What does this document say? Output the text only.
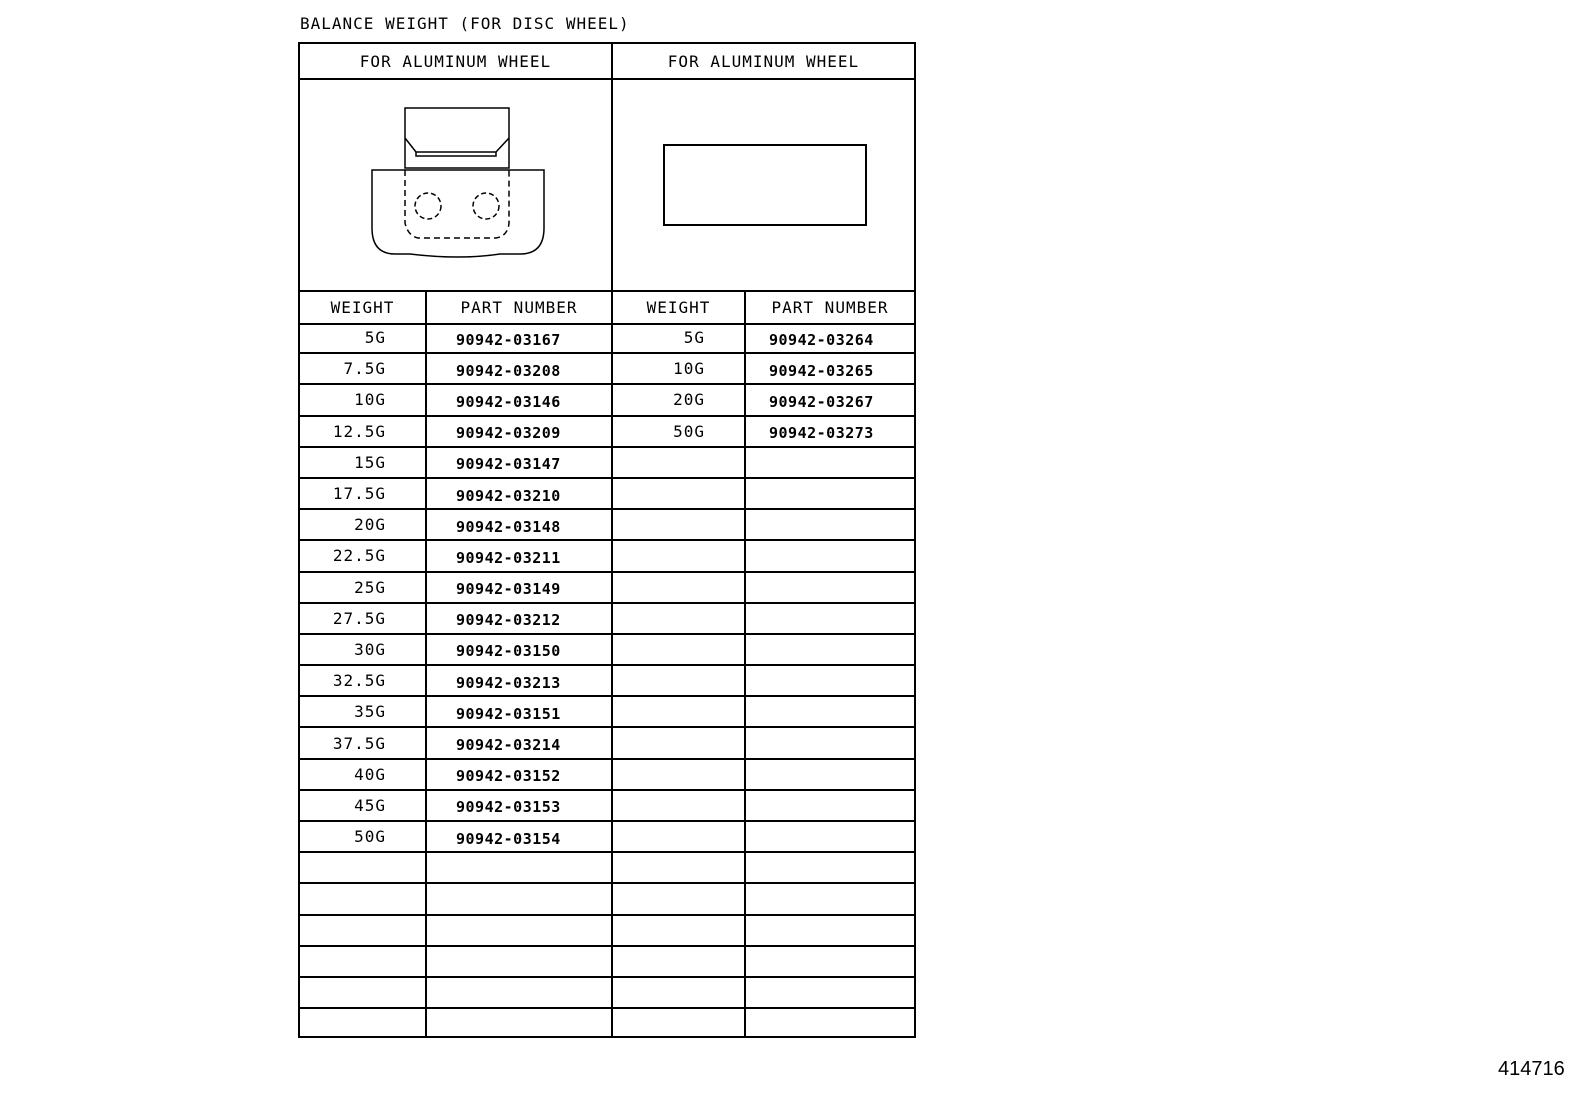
BALANCE WEIGHT (FOR DISC WHEEL)
FOR ALUMINUM WHEEL	FOR ALUMINUM WHEEL
WEIGHT	PART NUMBER	WEIGHT	PART NUMBER
5G	90942-03167	5G	90942-03264
7.5G	90942-03208	10G	90942-03265
10G	90942-03146	20G	90942-03267
12.5G	90942-03209	50G	90942-03273
15G	90942-03147
17.5G	90942-03210
20G	90942-03148
22.5G	90942-03211
25G	90942-03149
27.5G	90942-03212
30G	90942-03150
32.5G	90942-03213
35G	90942-03151
37.5G	90942-03214
40G	90942-03152
45G	90942-03153
50G	90942-03154
414716
